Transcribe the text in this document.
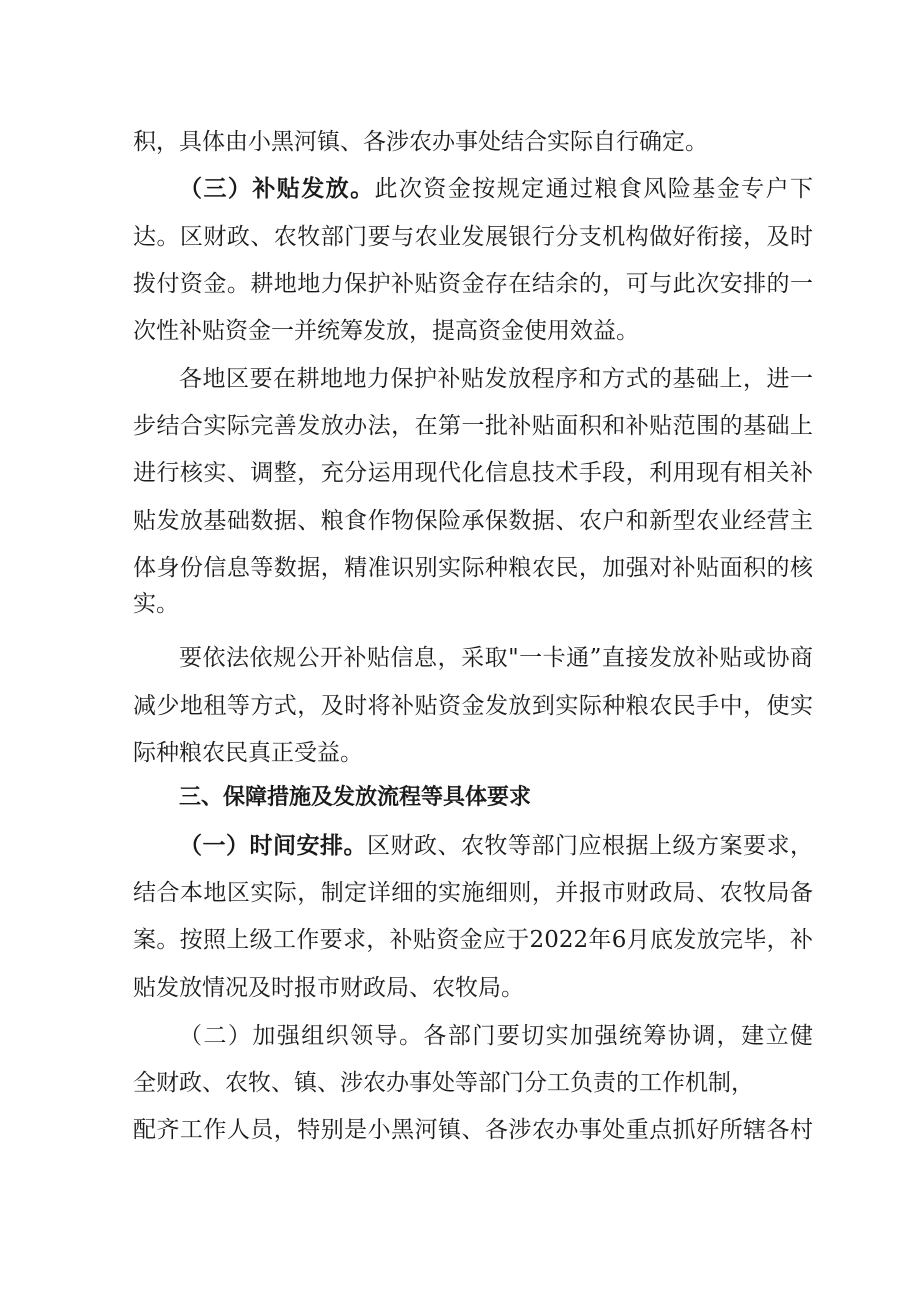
积，具体由小黑河镇、各涉农办事处结合实际自行确定。
（三）补贴发放。此次资金按规定通过粮食风险基金专户下
达。区财政、农牧部门要与农业发展银行分支机构做好衔接，及时
拨付资金。耕地地力保护补贴资金存在结余的，可与此次安排的一
次性补贴资金一并统筹发放，提高资金使用效益。
各地区要在耕地地力保护补贴发放程序和方式的基础上，进一
步结合实际完善发放办法，在第一批补贴面积和补贴范围的基础上
进行核实、调整，充分运用现代化信息技术手段，利用现有相关补
贴发放基础数据、粮食作物保险承保数据、农户和新型农业经营主
体身份信息等数据，精准识别实际种粮农民，加强对补贴面积的核
实。
要依法依规公开补贴信息，采取"一卡通”直接发放补贴或协商
减少地租等方式，及时将补贴资金发放到实际种粮农民手中，使实
际种粮农民真正受益。
三、保障措施及发放流程等具体要求
（一）时间安排。区财政、农牧等部门应根据上级方案要求，
结合本地区实际，制定详细的实施细则，并报市财政局、农牧局备
案。按照上级工作要求，补贴资金应于2022年6月底发放完毕，补
贴发放情况及时报市财政局、农牧局。
（二）加强组织领导。各部门要切实加强统筹协调，建立健
全财政、农牧、镇、涉农办事处等部门分工负责的工作机制，
配齐工作人员，特别是小黑河镇、各涉农办事处重点抓好所辖各村
